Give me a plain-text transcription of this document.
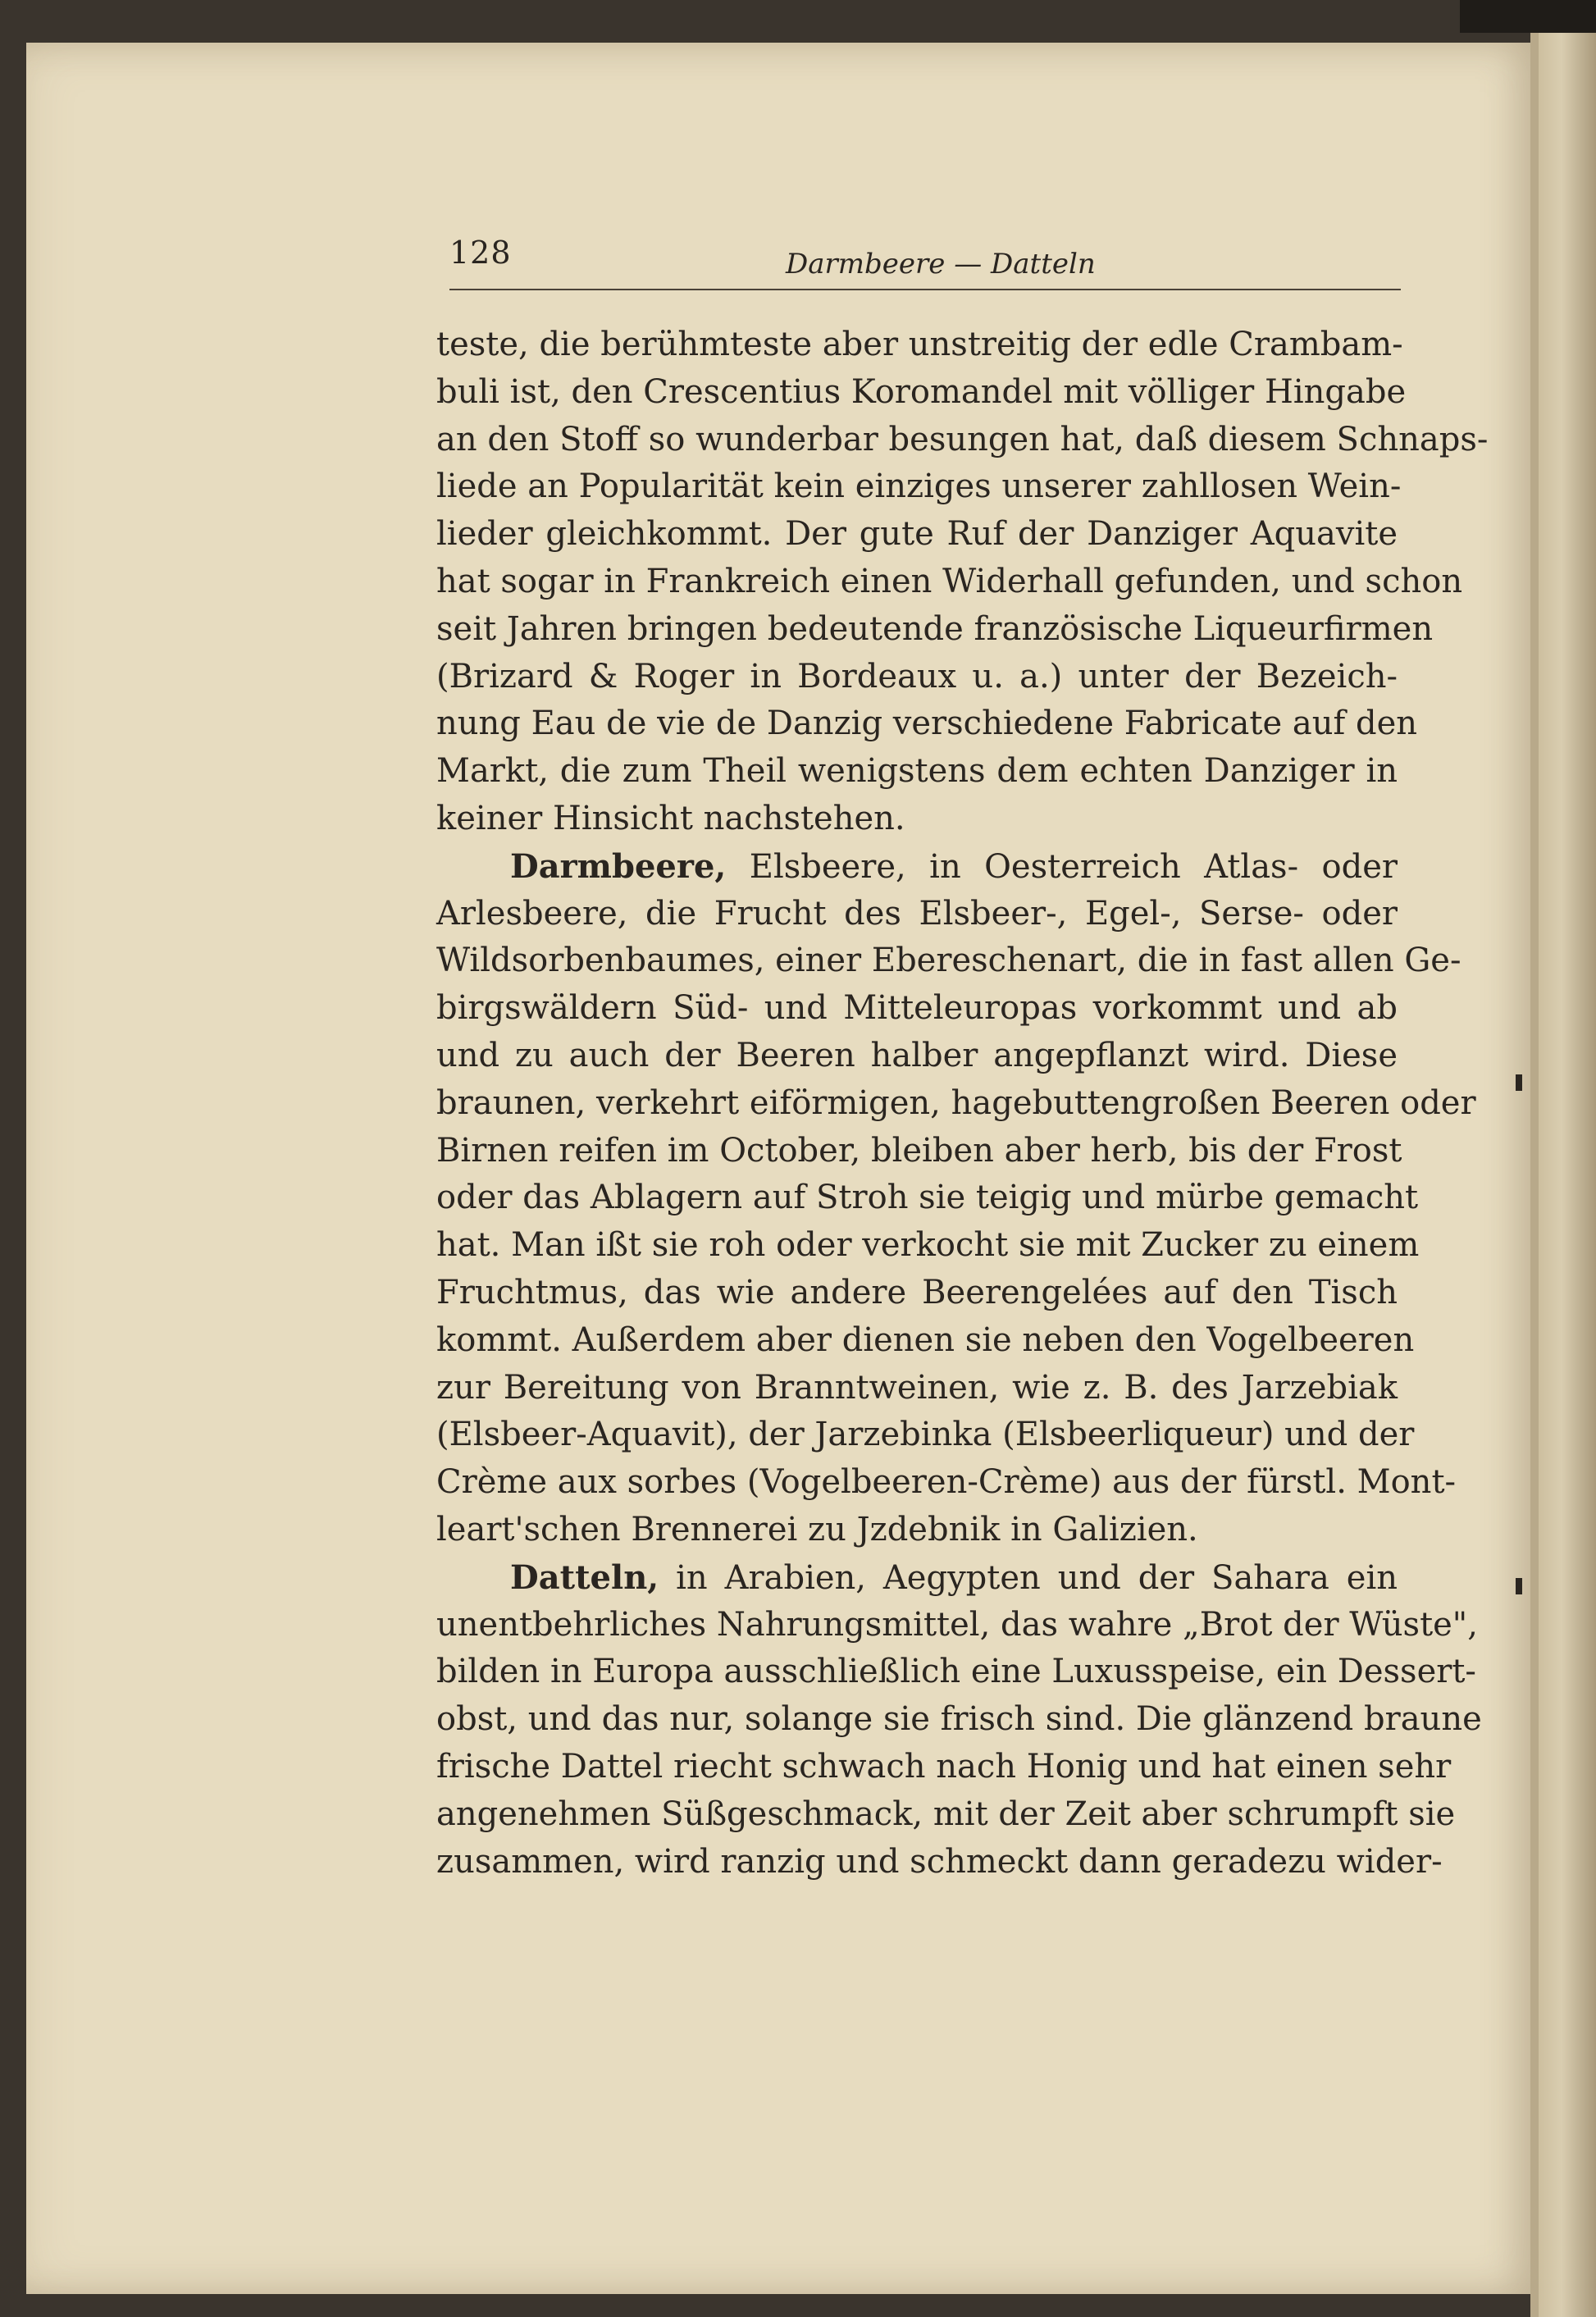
128	Darmbeere — Datteln
teste, die berühmteste aber unstreitig der edle Crambam-
buli ist, den Crescentius Koromandel mit völliger Hingabe
an den Stoff so wunderbar besungen hat, daß diesem Schnaps-
liede an Popularität kein einziges unserer zahllosen Wein-
lieder gleichkommt. Der gute Ruf der Danziger Aquavite
hat sogar in Frankreich einen Widerhall gefunden, und schon
seit Jahren bringen bedeutende französische Liqueurfirmen
(Brizard & Roger in Bordeaux u. a.) unter der Bezeich-
nung Eau de vie de Danzig verschiedene Fabricate auf den
Markt, die zum Theil wenigstens dem echten Danziger in
keiner Hinsicht nachstehen.
Darmbeere, Elsbeere, in Oesterreich Atlas- oder
Arlesbeere, die Frucht des Elsbeer-, Egel-, Serse- oder
Wildsorbenbaumes, einer Ebereschenart, die in fast allen Ge-
birgswäldern Süd- und Mitteleuropas vorkommt und ab
und zu auch der Beeren halber angepflanzt wird. Diese
braunen, verkehrt eiförmigen, hagebuttengroßen Beeren oder
Birnen reifen im October, bleiben aber herb, bis der Frost
oder das Ablagern auf Stroh sie teigig und mürbe gemacht
hat. Man ißt sie roh oder verkocht sie mit Zucker zu einem
Fruchtmus, das wie andere Beerengelées auf den Tisch
kommt. Außerdem aber dienen sie neben den Vogelbeeren
zur Bereitung von Branntweinen, wie z. B. des Jarzebiak
(Elsbeer-Aquavit), der Jarzebinka (Elsbeerliqueur) und der
Crème aux sorbes (Vogelbeeren-Crème) aus der fürstl. Mont-
leart'schen Brennerei zu Jzdebnik in Galizien.
Datteln, in Arabien, Aegypten und der Sahara ein
unentbehrliches Nahrungsmittel, das wahre „Brot der Wüste",
bilden in Europa ausschließlich eine Luxusspeise, ein Dessert-
obst, und das nur, solange sie frisch sind. Die glänzend braune
frische Dattel riecht schwach nach Honig und hat einen sehr
angenehmen Süßgeschmack, mit der Zeit aber schrumpft sie
zusammen, wird ranzig und schmeckt dann geradezu wider-
